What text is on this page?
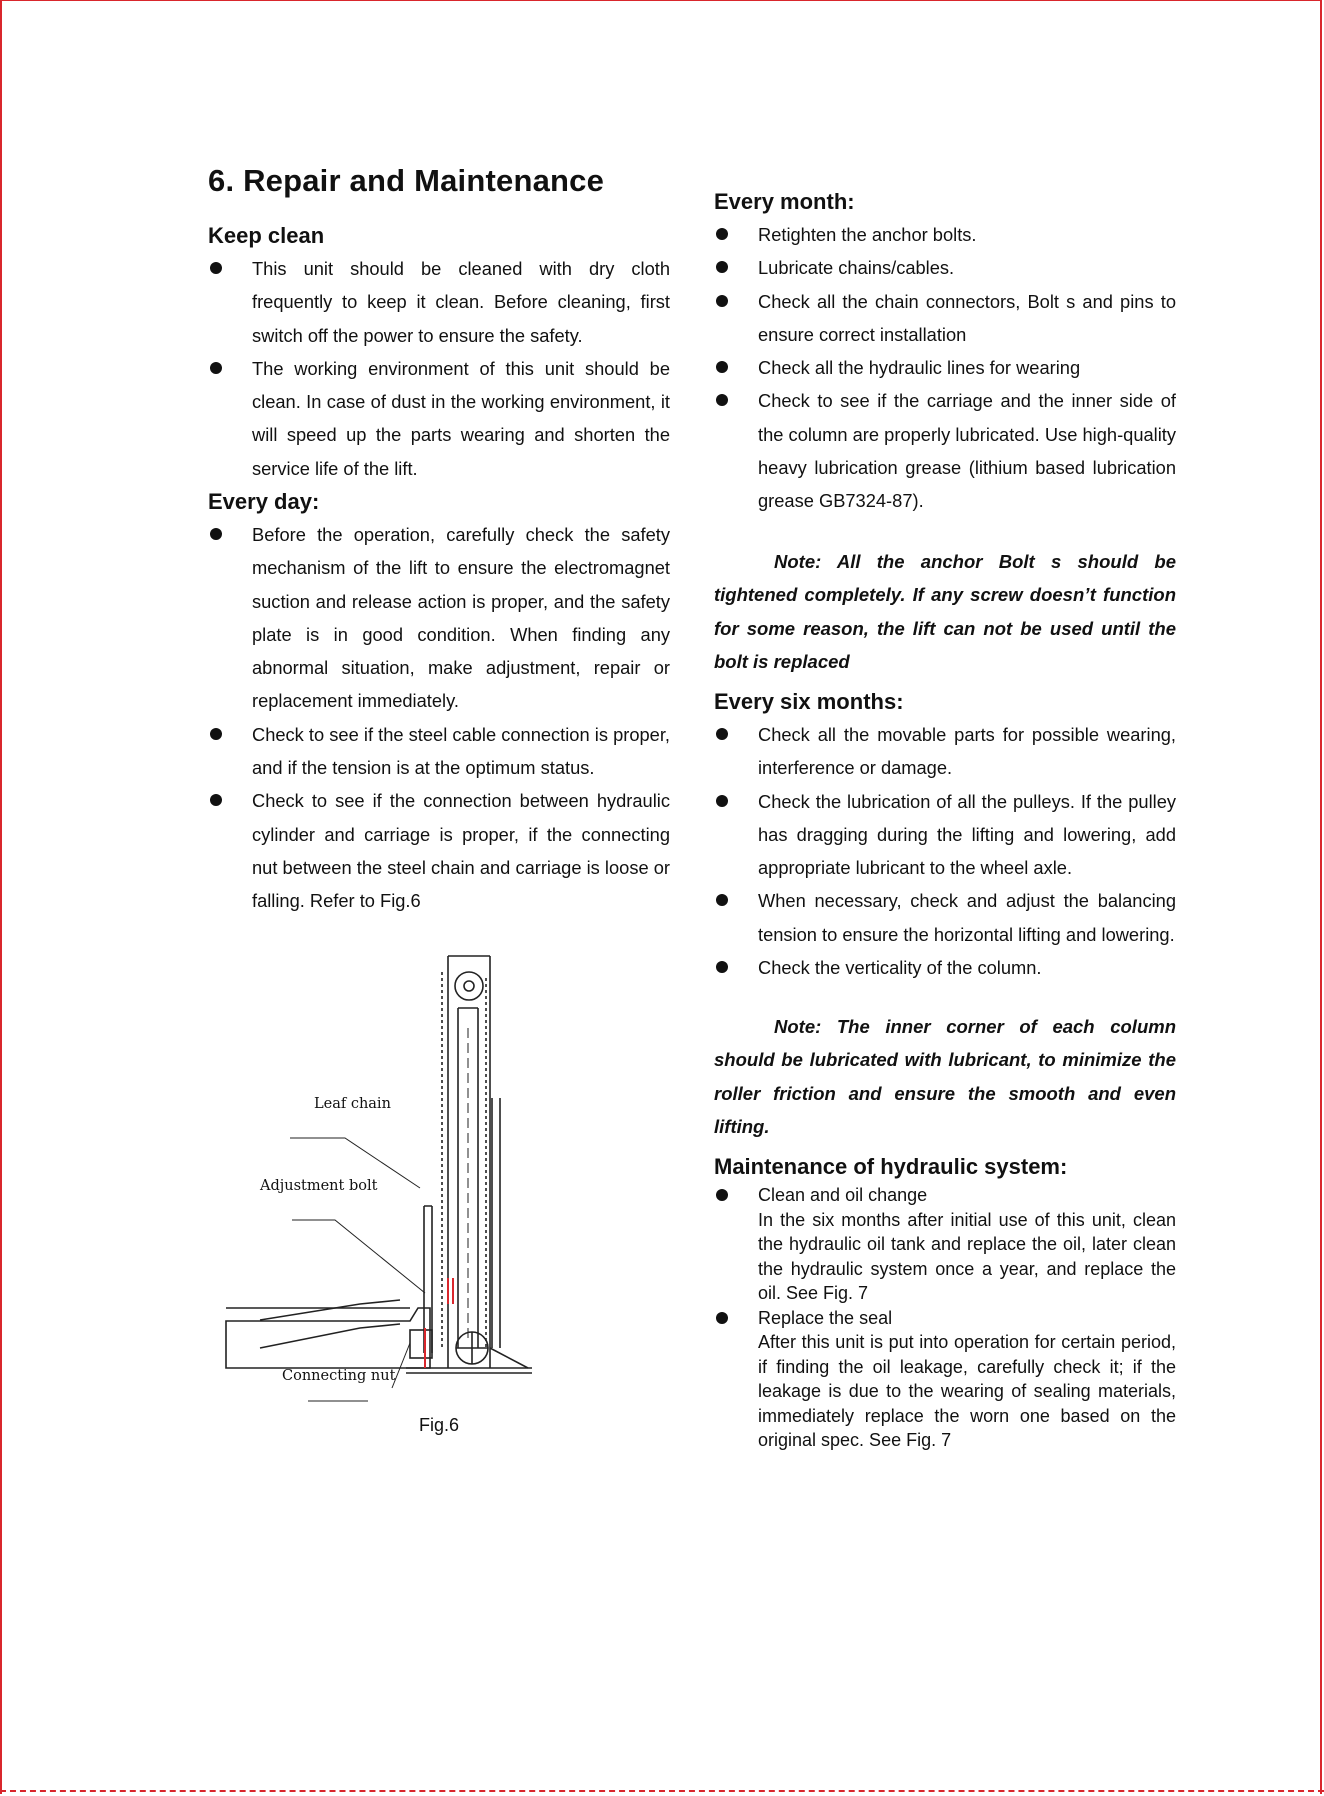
6. Repair and Maintenance
Keep clean
This unit should be cleaned with dry cloth frequently to keep it clean. Before cleaning, first switch off the power to ensure the safety.
The working environment of this unit should be clean. In case of dust in the working environment, it will speed up the parts wearing and shorten the service life of the lift.
Every day:
Before the operation, carefully check the safety mechanism of the lift to ensure the electromagnet suction and release action is proper, and the safety plate is in good condition. When finding any abnormal situation, make adjustment, repair or replacement immediately.
Check to see if the steel cable connection is proper, and if the tension is at the optimum status.
Check to see if the connection between hydraulic cylinder and carriage is proper, if the connecting nut between the steel chain and carriage is loose or falling. Refer to Fig.6
Leaf chain
Adjustment bolt
Connecting nut
Fig.6
Every month:
Retighten the anchor bolts.
Lubricate chains/cables.
Check all the chain connectors, Bolt s and pins to ensure correct installation
Check all the hydraulic lines for wearing
Check to see if the carriage and the inner side of the column are properly lubricated. Use high-quality heavy lubrication grease (lithium based lubrication grease GB7324-87).

Note: All the anchor Bolt s should be tightened completely. If any screw doesn’t function for some reason, the lift can not be used until the bolt is replaced

Every six months:
Check all the movable parts for possible wearing, interference or damage.
Check the lubrication of all the pulleys. If the pulley has dragging during the lifting and lowering, add appropriate lubricant to the wheel axle.
When necessary, check and adjust the balancing tension to ensure the horizontal lifting and lowering.
Check the verticality of the column.

Note: The inner corner of each column should be lubricated with lubricant, to minimize the roller friction and ensure the smooth and even lifting.

Maintenance of hydraulic system:
Clean and oil change
In the six months after initial use of this unit, clean the hydraulic oil tank and replace the oil, later clean the hydraulic system once a year, and replace the oil. See Fig. 7
Replace the seal
After this unit is put into operation for certain period, if finding the oil leakage, carefully check it; if the leakage is due to the wearing of sealing materials, immediately replace the worn one based on the original spec. See Fig. 7
